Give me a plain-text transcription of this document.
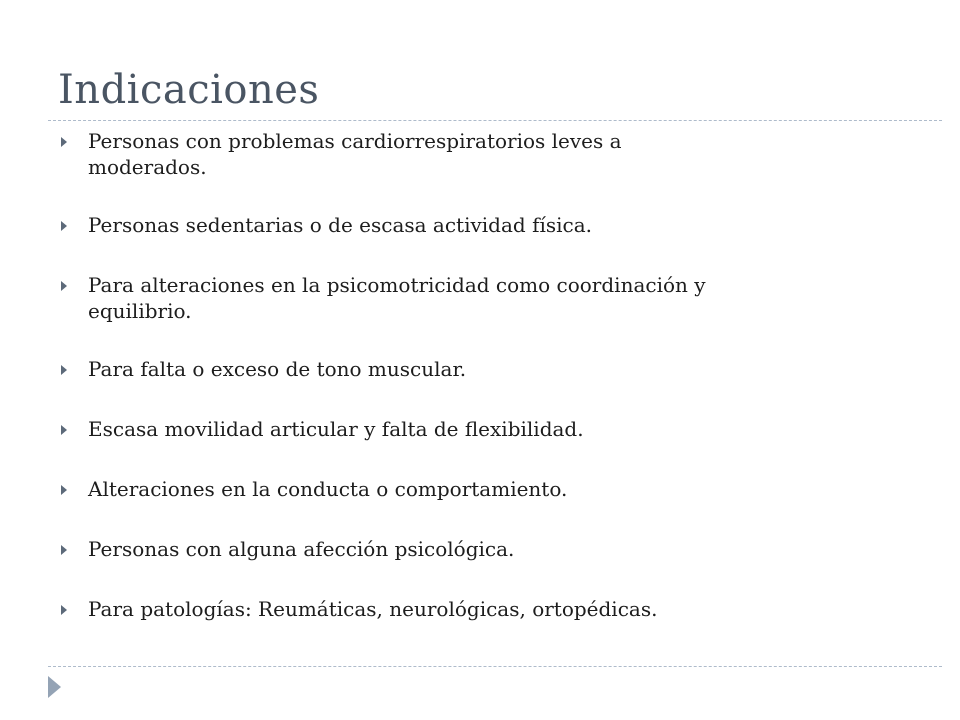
Indicaciones
Personas con problemas cardiorrespiratorios leves a
moderados.
Personas sedentarias o de escasa actividad física.
Para alteraciones en la psicomotricidad como coordinación y
equilibrio.
Para falta o exceso de tono muscular.
Escasa movilidad articular y falta de flexibilidad.
Alteraciones en la conducta o comportamiento.
Personas con alguna afección psicológica.
Para patologías: Reumáticas, neurológicas, ortopédicas.
